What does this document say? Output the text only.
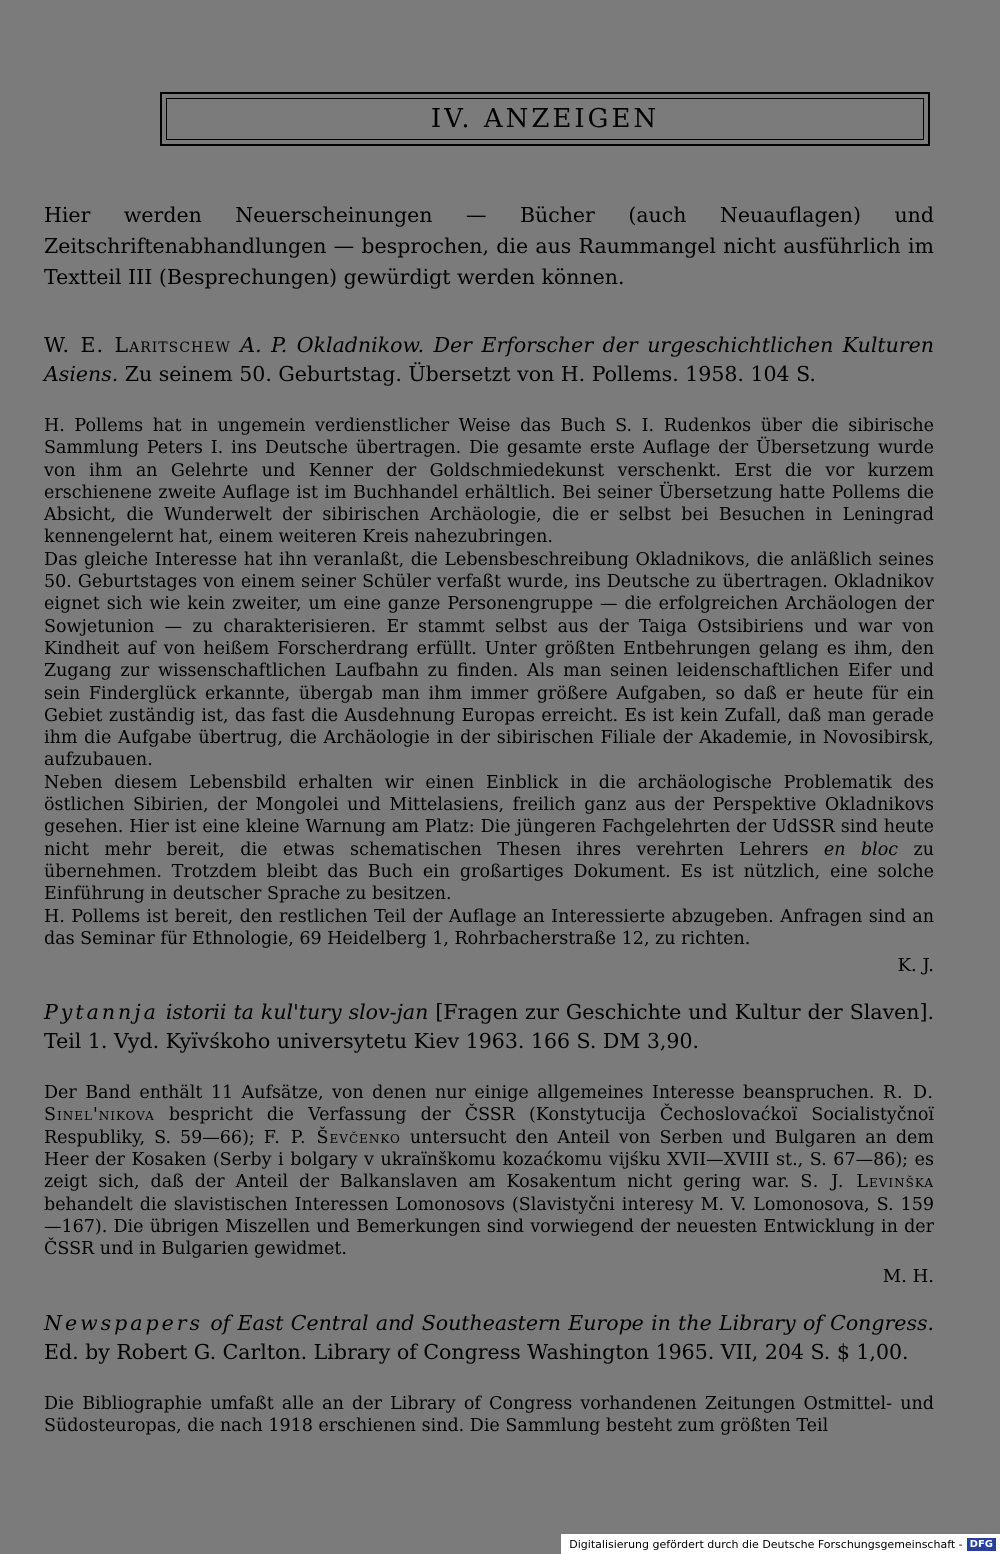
IV. ANZEIGEN

Hier werden Neuerscheinungen — Bücher (auch Neuauflagen) und Zeitschriftenabhandlungen — besprochen, die aus Raummangel nicht ausführlich im Textteil III (Besprechungen) gewürdigt werden können.

W. E. Laritschew A. P. Okladnikow. Der Erforscher der urgeschichtlichen Kulturen Asiens. Zu seinem 50. Geburtstag. Übersetzt von H. Pollems. 1958. 104 S.

H. Pollems hat in ungemein verdienstlicher Weise das Buch S. I. Rudenkos über die sibirische Sammlung Peters I. ins Deutsche übertragen. Die gesamte erste Auflage der Übersetzung wurde von ihm an Gelehrte und Kenner der Goldschmiedekunst verschenkt. Erst die vor kurzem erschienene zweite Auflage ist im Buchhandel erhältlich. Bei seiner Übersetzung hatte Pollems die Absicht, die Wunderwelt der sibirischen Archäologie, die er selbst bei Besuchen in Leningrad kennengelernt hat, einem weiteren Kreis nahezubringen.

Das gleiche Interesse hat ihn veranlaßt, die Lebensbeschreibung Okladnikovs, die anläßlich seines 50. Geburtstages von einem seiner Schüler verfaßt wurde, ins Deutsche zu übertragen. Okladnikov eignet sich wie kein zweiter, um eine ganze Personengruppe — die erfolgreichen Archäologen der Sowjetunion — zu charakterisieren. Er stammt selbst aus der Taiga Ostsibiriens und war von Kindheit auf von heißem Forscherdrang erfüllt. Unter größten Entbehrungen gelang es ihm, den Zugang zur wissenschaftlichen Laufbahn zu finden. Als man seinen leidenschaftlichen Eifer und sein Finderglück erkannte, übergab man ihm immer größere Aufgaben, so daß er heute für ein Gebiet zuständig ist, das fast die Ausdehnung Europas erreicht. Es ist kein Zufall, daß man gerade ihm die Aufgabe übertrug, die Archäologie in der sibirischen Filiale der Akademie, in Novosibirsk, aufzubauen.

Neben diesem Lebensbild erhalten wir einen Einblick in die archäologische Problematik des östlichen Sibirien, der Mongolei und Mittelasiens, freilich ganz aus der Perspektive Okladnikovs gesehen. Hier ist eine kleine Warnung am Platz: Die jüngeren Fachgelehrten der UdSSR sind heute nicht mehr bereit, die etwas schematischen Thesen ihres verehrten Lehrers en bloc zu übernehmen. Trotzdem bleibt das Buch ein großartiges Dokument. Es ist nützlich, eine solche Einführung in deutscher Sprache zu besitzen.

H. Pollems ist bereit, den restlichen Teil der Auflage an Interessierte abzugeben. Anfragen sind an das Seminar für Ethnologie, 69 Heidelberg 1, Rohrbacherstraße 12, zu richten.

K. J.

Pytannja istorii ta kul'tury slov-jan [Fragen zur Geschichte und Kultur der Slaven]. Teil 1. Vyd. Kyïvśkoho universytetu Kiev 1963. 166 S. DM 3,90.

Der Band enthält 11 Aufsätze, von denen nur einige allgemeines Interesse beanspruchen. R. D. Sinel'nikova bespricht die Verfassung der ČSSR (Konstytucija Čechoslovaćkoï Socialistyčnoï Respubliky, S. 59—66); F. P. Ševčenko untersucht den Anteil von Serben und Bulgaren an dem Heer der Kosaken (Serby i bolgary v ukraïnškomu kozaćkomu vijśku XVII—XVIII st., S. 67—86); es zeigt sich, daß der Anteil der Balkanslaven am Kosakentum nicht gering war. S. J. Levinška behandelt die slavistischen Interessen Lomonosovs (Slavistyčni interesy M. V. Lomonosova, S. 159—167). Die übrigen Miszellen und Bemerkungen sind vorwiegend der neuesten Entwicklung in der ČSSR und in Bulgarien gewidmet.

M. H.

Newspapers of East Central and Southeastern Europe in the Library of Congress. Ed. by Robert G. Carlton. Library of Congress Washington 1965. VII, 204 S. $ 1,00.

Die Bibliographie umfaßt alle an der Library of Congress vorhandenen Zeitungen Ostmittel- und Südosteuropas, die nach 1918 erschienen sind. Die Sammlung besteht zum größten Teil

Digitalisierung gefördert durch die Deutsche Forschungsgemeinschaft - DFG
